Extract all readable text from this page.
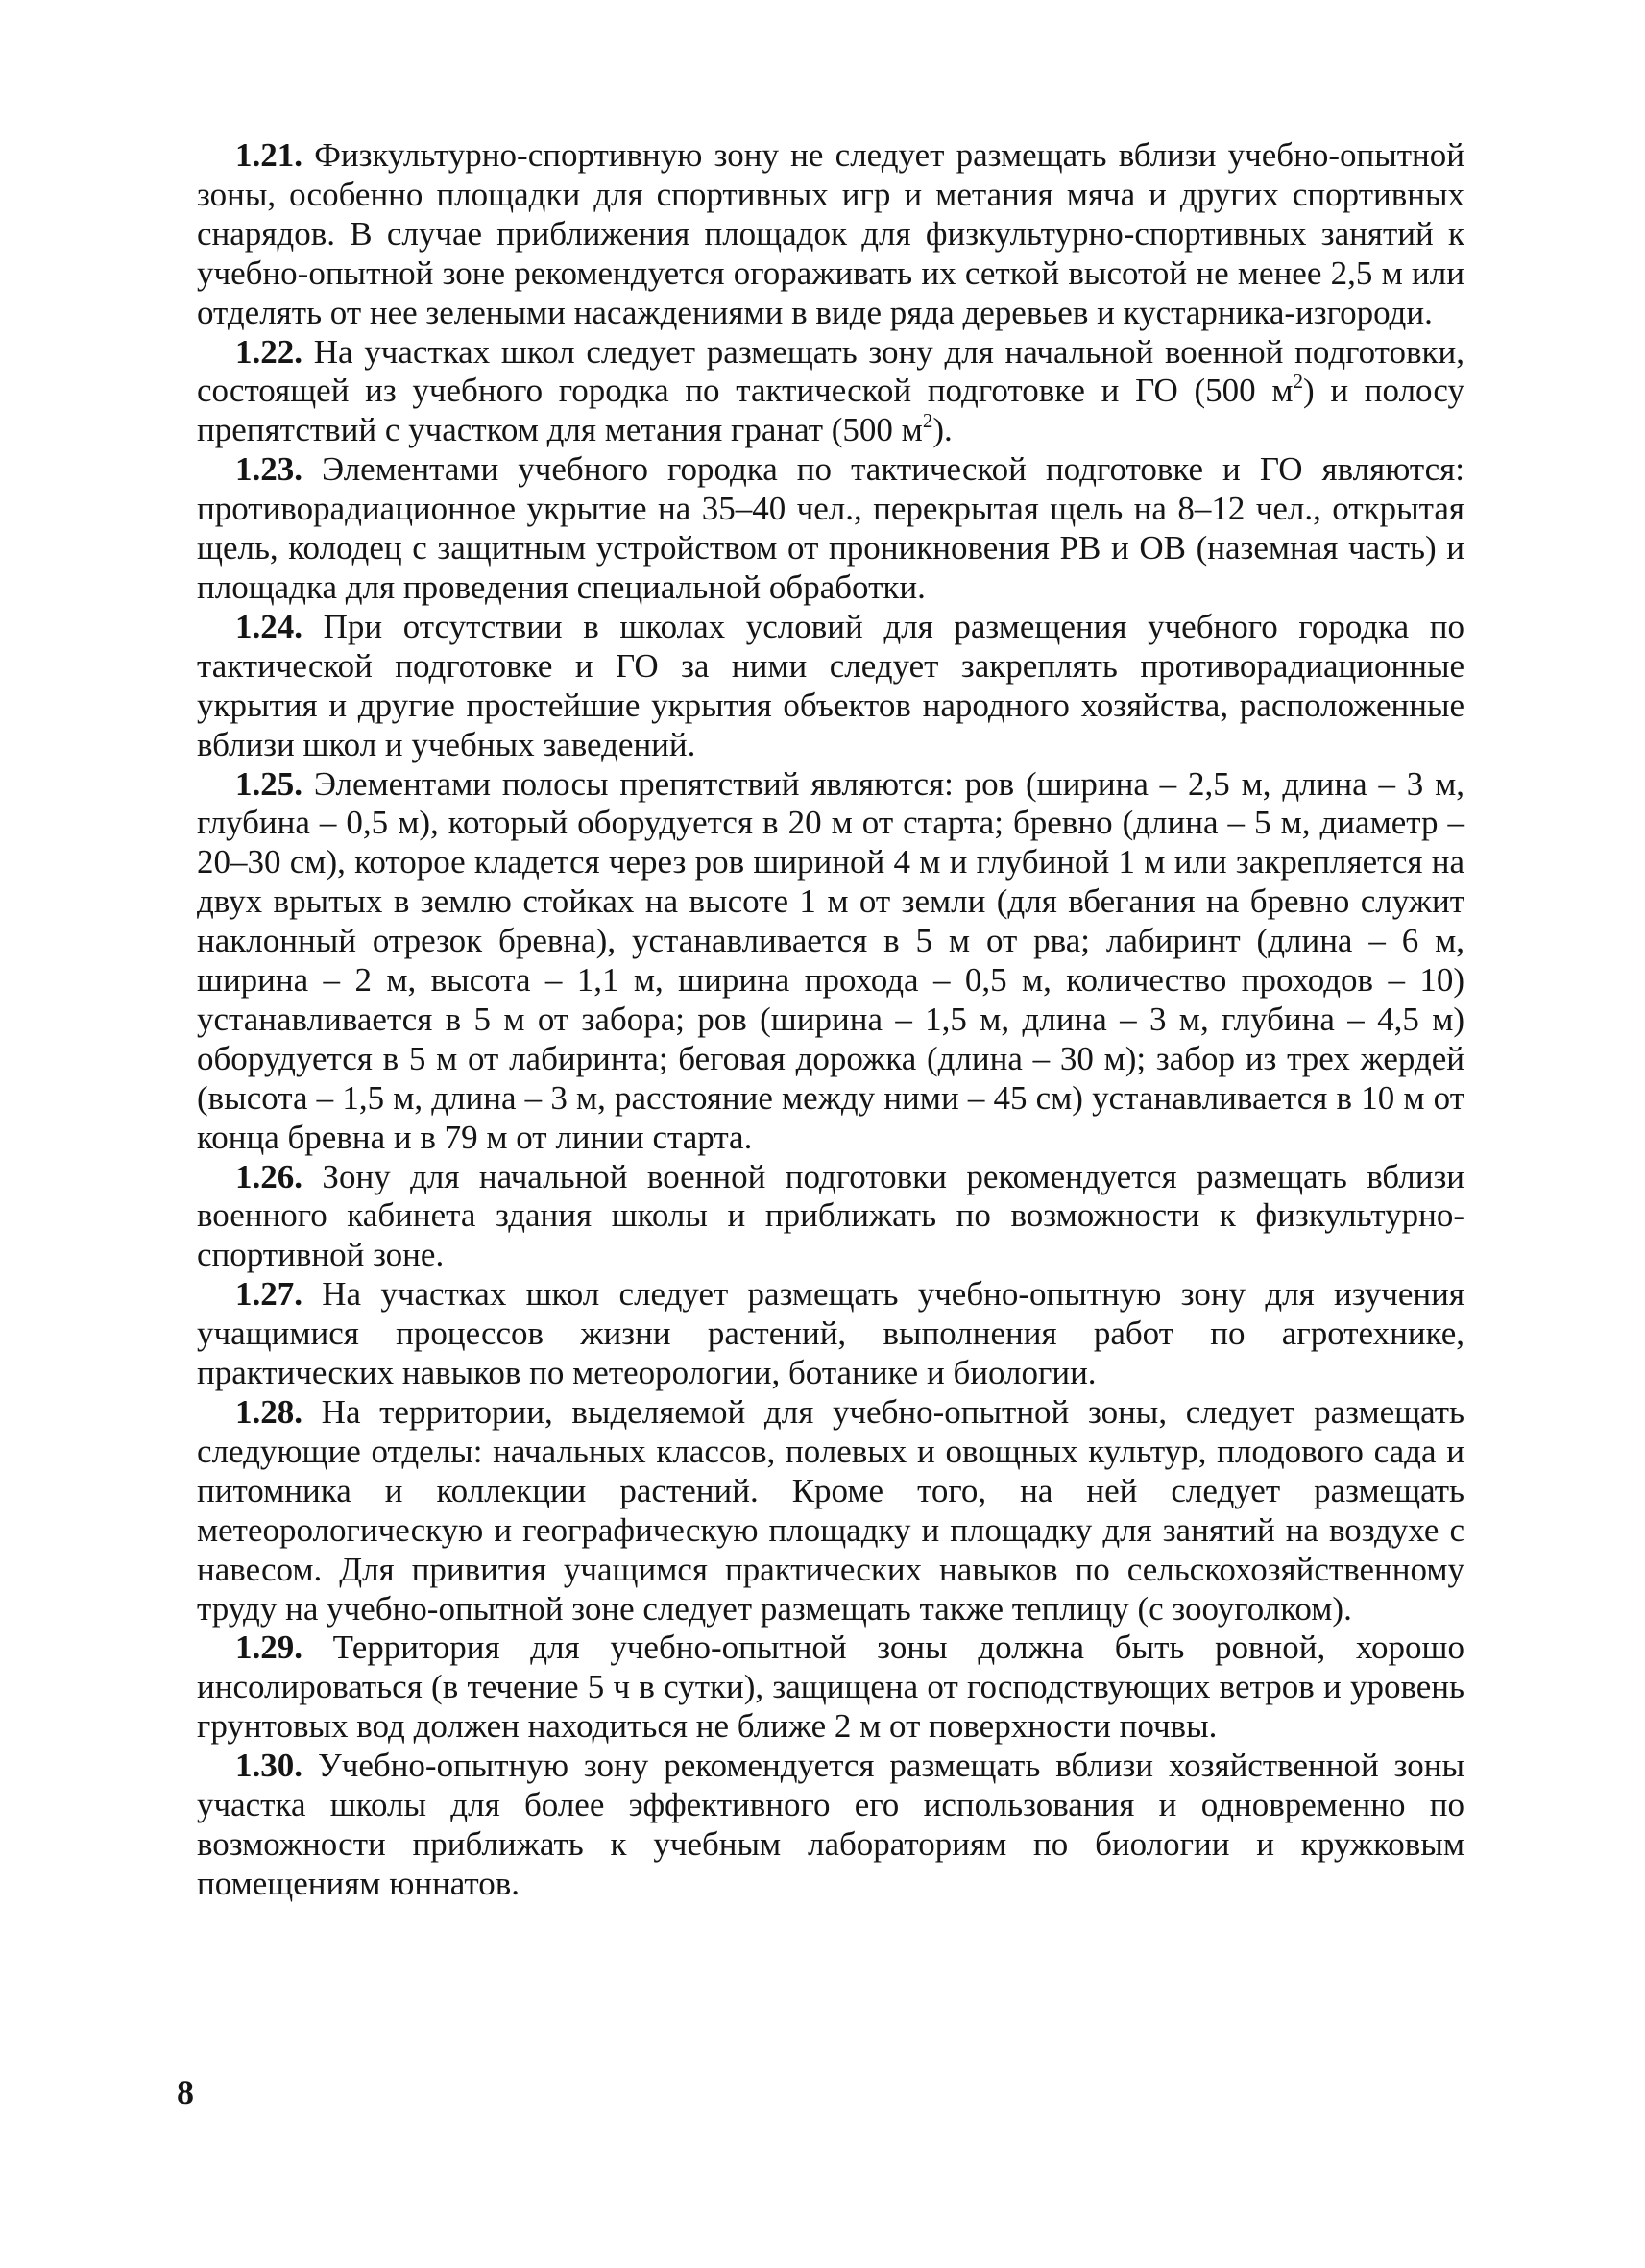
1.21. Физкультурно-спортивную зону не следует размещать вблизи учебно-опытной зоны, особенно площадки для спортивных игр и метания мяча и других спортивных снарядов. В случае приближения площадок для физкультурно-спортивных занятий к учебно-опытной зоне рекомендуется огораживать их сеткой высотой не менее 2,5 м или отделять от нее зелеными насаждениями в виде ряда деревьев и кустарника-изгороди.

1.22. На участках школ следует размещать зону для начальной военной подготовки, состоящей из учебного городка по тактической подготовке и ГО (500 $м^2$) и полосу препятствий с участком для метания гранат (500 $м^2$).

1.23. Элементами учебного городка по тактической подготовке и ГО являются: противорадиационное укрытие на 35–40 чел., перекрытая щель на 8–12 чел., открытая щель, колодец с защитным устройством от проникновения РВ и ОВ (наземная часть) и площадка для проведения специальной обработки.

1.24. При отсутствии в школах условий для размещения учебного городка по тактической подготовке и ГО за ними следует закреплять противорадиационные укрытия и другие простейшие укрытия объектов народного хозяйства, расположенные вблизи школ и учебных заведений.

1.25. Элементами полосы препятствий являются: ров (ширина – 2,5 м, длина – 3 м, глубина – 0,5 м), который оборудуется в 20 м от старта; бревно (длина – 5 м, диаметр – 20–30 см), которое кладется через ров шириной 4 м и глубиной 1 м или закрепляется на двух врытых в землю стойках на высоте 1 м от земли (для вбегания на бревно служит наклонный отрезок бревна), устанавливается в 5 м от рва; лабиринт (длина – 6 м, ширина – 2 м, высота – 1,1 м, ширина прохода – 0,5 м, количество проходов – 10) устанавливается в 5 м от забора; ров (ширина – 1,5 м, длина – 3 м, глубина – 4,5 м) оборудуется в 5 м от лабиринта; беговая дорожка (длина – 30 м); забор из трех жердей (высота – 1,5 м, длина – 3 м, расстояние между ними – 45 см) устанавливается в 10 м от конца бревна и в 79 м от линии старта.

1.26. Зону для начальной военной подготовки рекомендуется размещать вблизи военного кабинета здания школы и приближать по возможности к физкультурно-спортивной зоне.

1.27. На участках школ следует размещать учебно-опытную зону для изучения учащимися процессов жизни растений, выполнения работ по агротехнике, практических навыков по метеорологии, ботанике и биологии.

1.28. На территории, выделяемой для учебно-опытной зоны, следует размещать следующие отделы: начальных классов, полевых и овощных культур, плодового сада и питомника и коллекции растений. Кроме того, на ней следует размещать метеорологическую и географическую площадку и площадку для занятий на воздухе с навесом. Для привития учащимся практических навыков по сельскохозяйственному труду на учебно-опытной зоне следует размещать также теплицу (с зооуголком).

1.29. Территория для учебно-опытной зоны должна быть ровной, хорошо инсолироваться (в течение 5 ч в сутки), защищена от господствующих ветров и уровень грунтовых вод должен находиться не ближе 2 м от поверхности почвы.

1.30. Учебно-опытную зону рекомендуется размещать вблизи хозяйственной зоны участка школы для более эффективного его использования и одновременно по возможности приближать к учебным лабораториям по биологии и кружковым помещениям юннатов.

8
